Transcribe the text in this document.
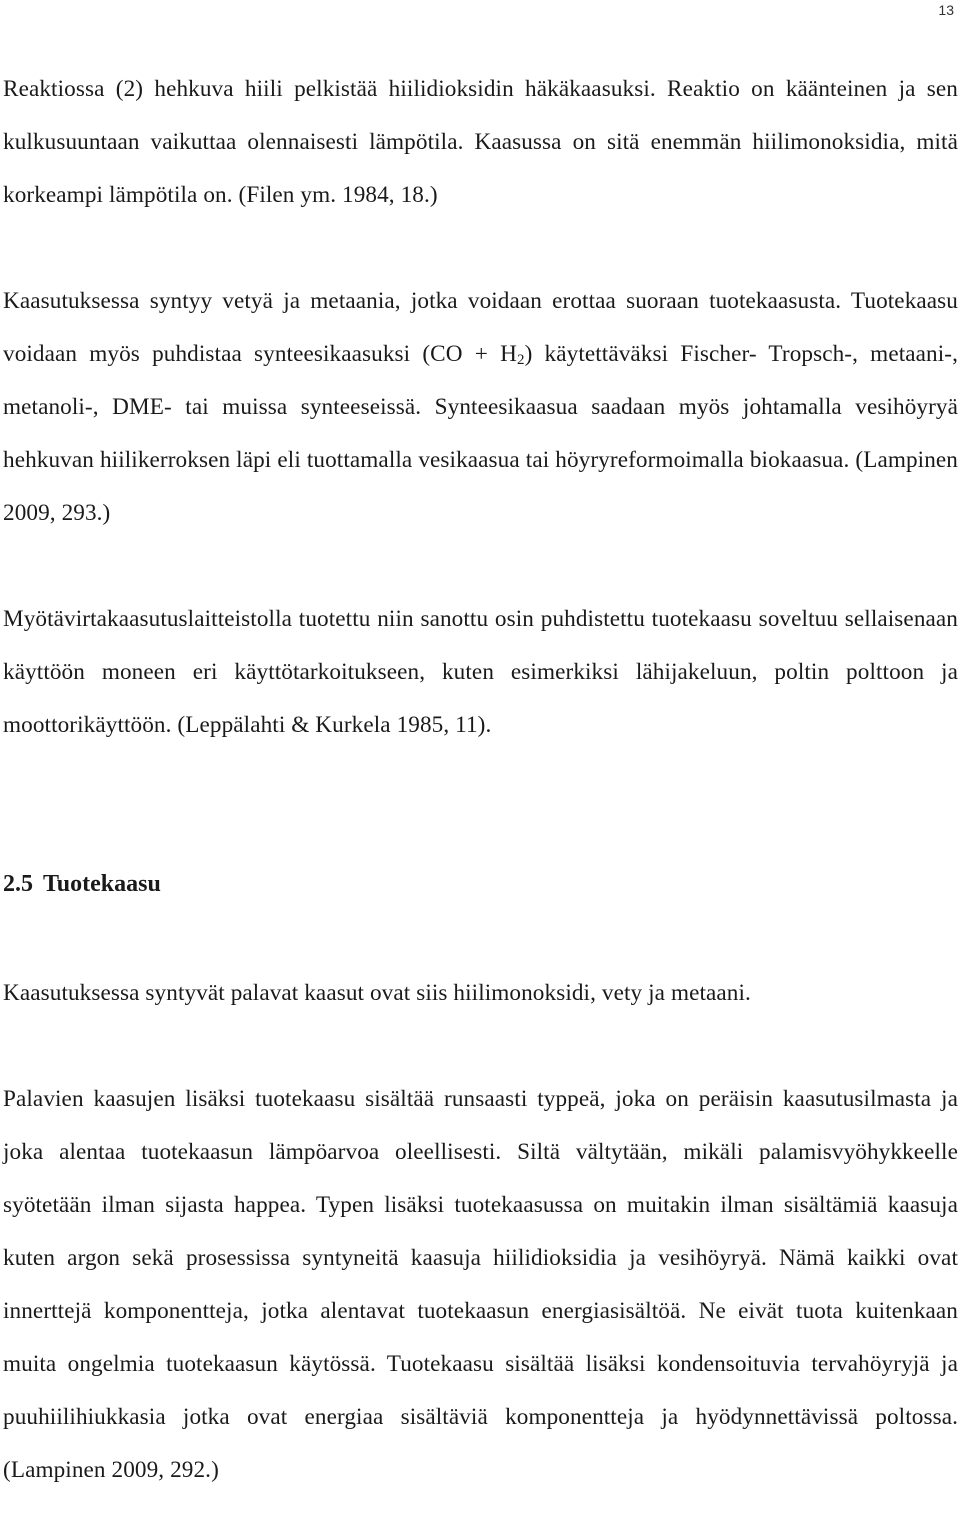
13

Reaktiossa (2) hehkuva hiili pelkistää hiilidioksidin häkäkaasuksi. Reaktio on käänteinen ja sen kulkusuuntaan vaikuttaa olennaisesti lämpötila. Kaasussa on sitä enemmän hiilimonoksidia, mitä korkeampi lämpötila on. (Filen ym. 1984, 18.)

Kaasutuksessa syntyy vetyä ja metaania, jotka voidaan erottaa suoraan tuotekaasusta. Tuotekaasu voidaan myös puhdistaa synteesikaasuksi $(CO + H_2)$ käytettäväksi Fischer- Tropsch-, metaani-, metanoli-, DME- tai muissa synteeseissä. Synteesikaasua saadaan myös johtamalla vesihöyryä hehkuvan hiilikerroksen läpi eli tuottamalla vesikaasua tai höyryreformoimalla biokaasua. (Lampinen 2009, 293.)

Myötävirtakaasutuslaitteistolla tuotettu niin sanottu osin puhdistettu tuotekaasu soveltuu sellaisenaan käyttöön moneen eri käyttötarkoitukseen, kuten esimerkiksi lähijakeluun, poltin polttoon ja moottorikäyttöön. (Leppälahti & Kurkela 1985, 11).

2.5 Tuotekaasu

Kaasutuksessa syntyvät palavat kaasut ovat siis hiilimonoksidi, vety ja metaani.

Palavien kaasujen lisäksi tuotekaasu sisältää runsaasti typpeä, joka on peräisin kaasutusilmasta ja joka alentaa tuotekaasun lämpöarvoa oleellisesti. Siltä vältytään, mikäli palamisvyöhykkeelle syötetään ilman sijasta happea. Typen lisäksi tuotekaasussa on muitakin ilman sisältämiä kaasuja kuten argon sekä prosessissa syntyneitä kaasuja hiilidioksidia ja vesihöyryä. Nämä kaikki ovat innerttejä komponentteja, jotka alentavat tuotekaasun energiasisältöä. Ne eivät tuota kuitenkaan muita ongelmia tuotekaasun käytössä. Tuotekaasu sisältää lisäksi kondensoituvia tervahöyryjä ja puuhiilihiukkasia jotka ovat energiaa sisältäviä komponentteja ja hyödynnettävissä poltossa. (Lampinen 2009, 292.)
